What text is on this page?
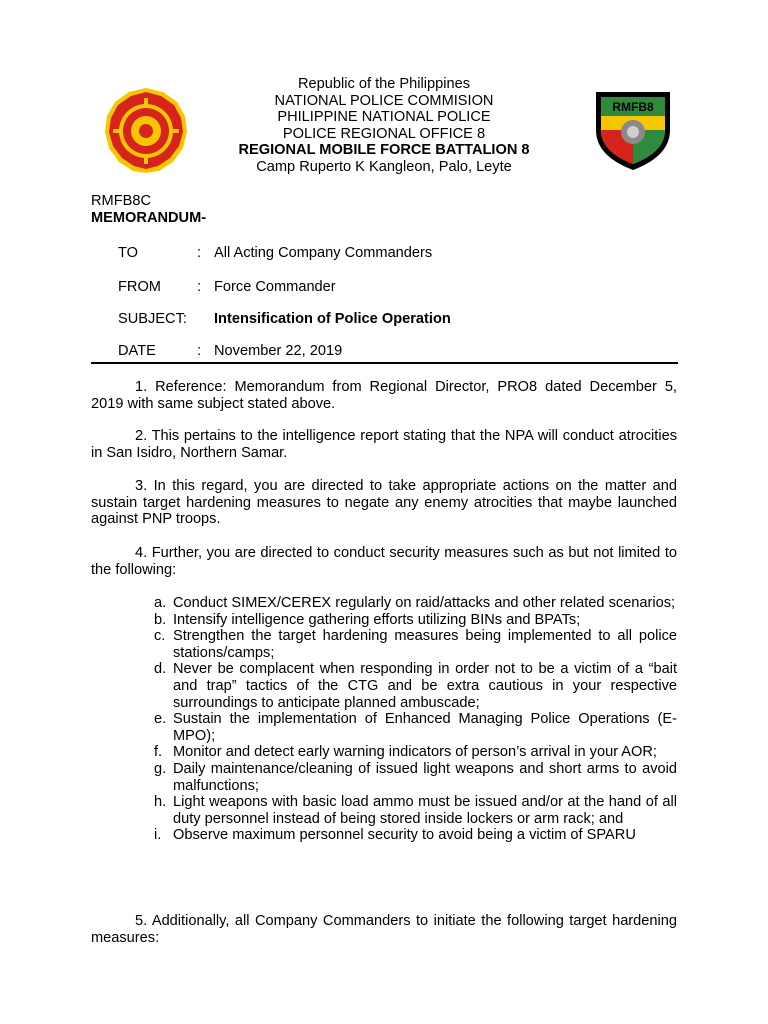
Republic of the Philippines
NATIONAL POLICE COMMISION
PHILIPPINE NATIONAL POLICE
POLICE REGIONAL OFFICE 8
REGIONAL MOBILE FORCE BATTALION 8
Camp Ruperto K Kangleon, Palo, Leyte
RMFB8
RMFB8C
MEMORANDUM-
TO	: All Acting Company Commanders
FROM : Force Commander
SUBJECT: Intensification of Police Operation
DATE	: November 22, 2019

1. Reference: Memorandum from Regional Director, PRO8 dated December 5, 2019 with same subject stated above.

2. This pertains to the intelligence report stating that the NPA will conduct atrocities in San Isidro, Northern Samar.

3. In this regard, you are directed to take appropriate actions on the matter and sustain target hardening measures to negate any enemy atrocities that maybe launched against PNP troops.

4. Further, you are directed to conduct security measures such as but not limited to the following:

a. Conduct SIMEX/CEREX regularly on raid/attacks and other related scenarios;
b. Intensify intelligence gathering efforts utilizing BINs and BPATs;
c. Strengthen the target hardening measures being implemented to all police stations/camps;
d. Never be complacent when responding in order not to be a victim of a “bait and trap” tactics of the CTG and be extra cautious in your respective surroundings to anticipate planned ambuscade;
e. Sustain the implementation of Enhanced Managing Police Operations (E-MPO);
f. Monitor and detect early warning indicators of person’s arrival in your AOR;
g. Daily maintenance/cleaning of issued light weapons and short arms to avoid malfunctions;
h. Light weapons with basic load ammo must be issued and/or at the hand of all duty personnel instead of being stored inside lockers or arm rack; and
i. Observe maximum personnel security to avoid being a victim of SPARU

5. Additionally, all Company Commanders to initiate the following target hardening measures:
